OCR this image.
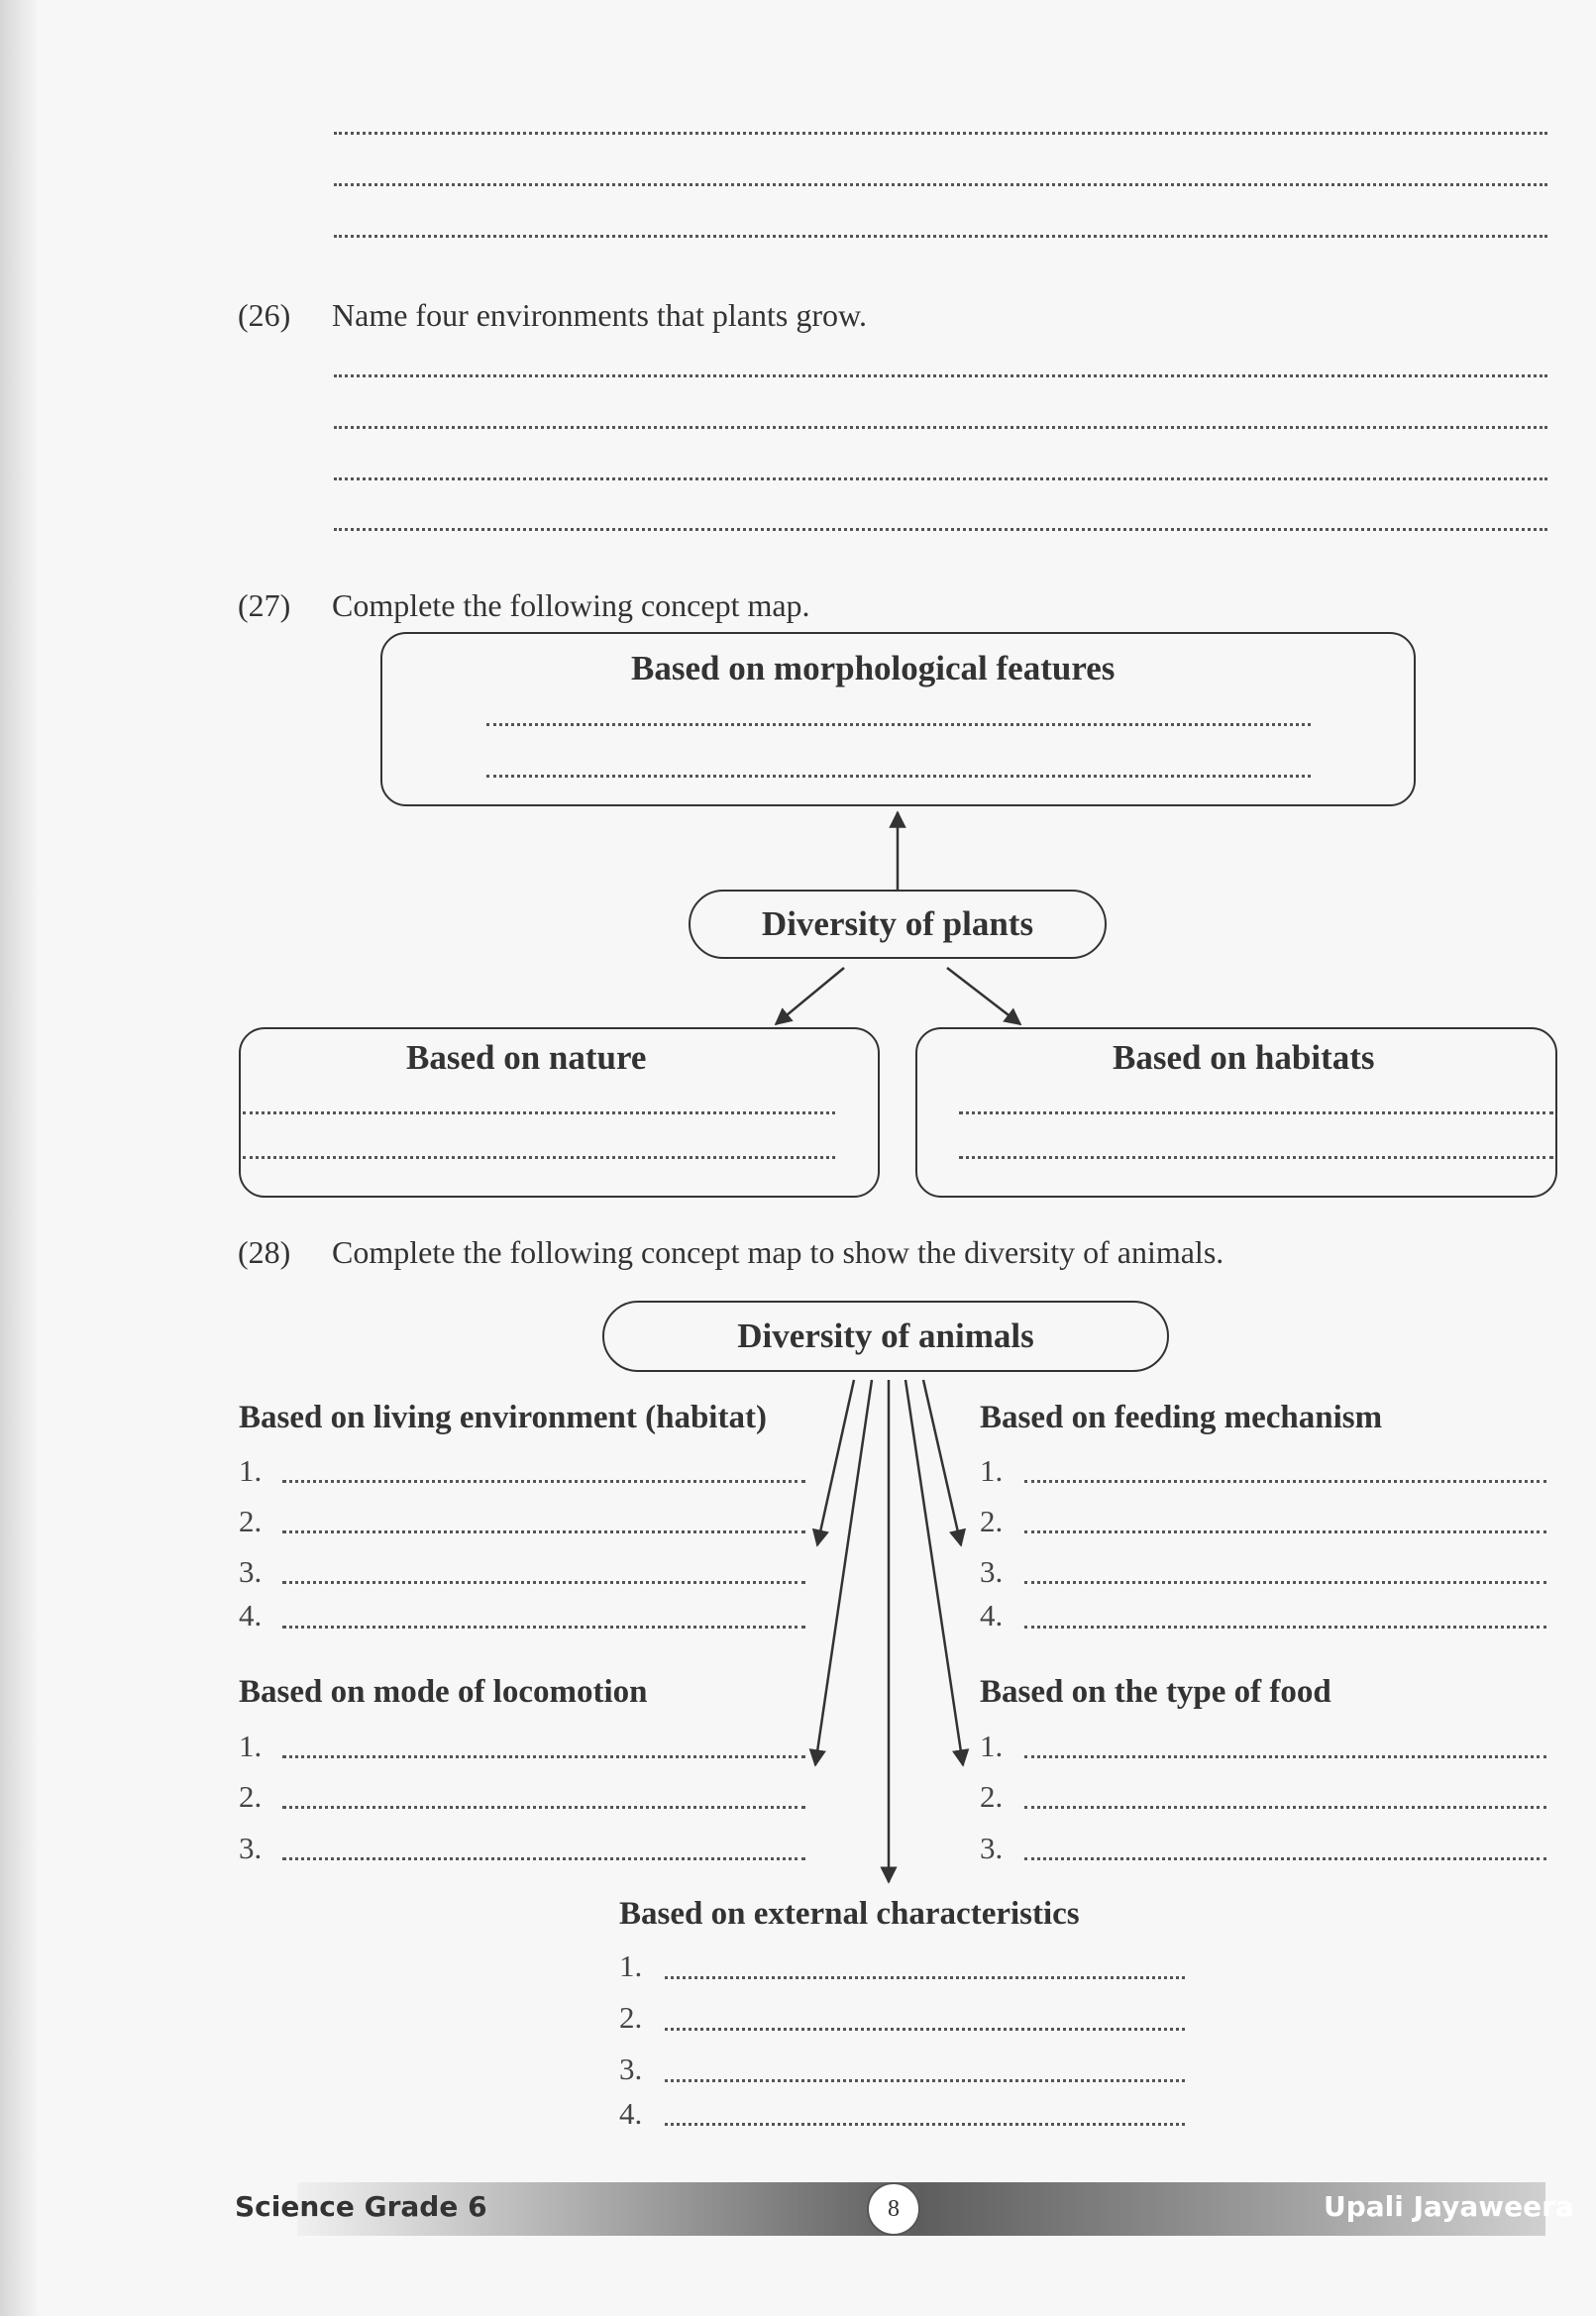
(26) Name four environments that plants grow.
(27) Complete the following concept map.
Based on morphological features
Diversity of plants
Based on nature	Based on habitats
(28) Complete the following concept map to show the diversity of animals.
Diversity of animals
Based on living environment (habitat)
1.
2.
3.
4.
Based on feeding mechanism
1.
2.
3.
4.
Based on mode of locomotion
1.
2.
3.
Based on the type of food
1.
2.
3.
Based on external characteristics
1.
2.
3.
4.
Science Grade 6	8	Upali Jayaweera
